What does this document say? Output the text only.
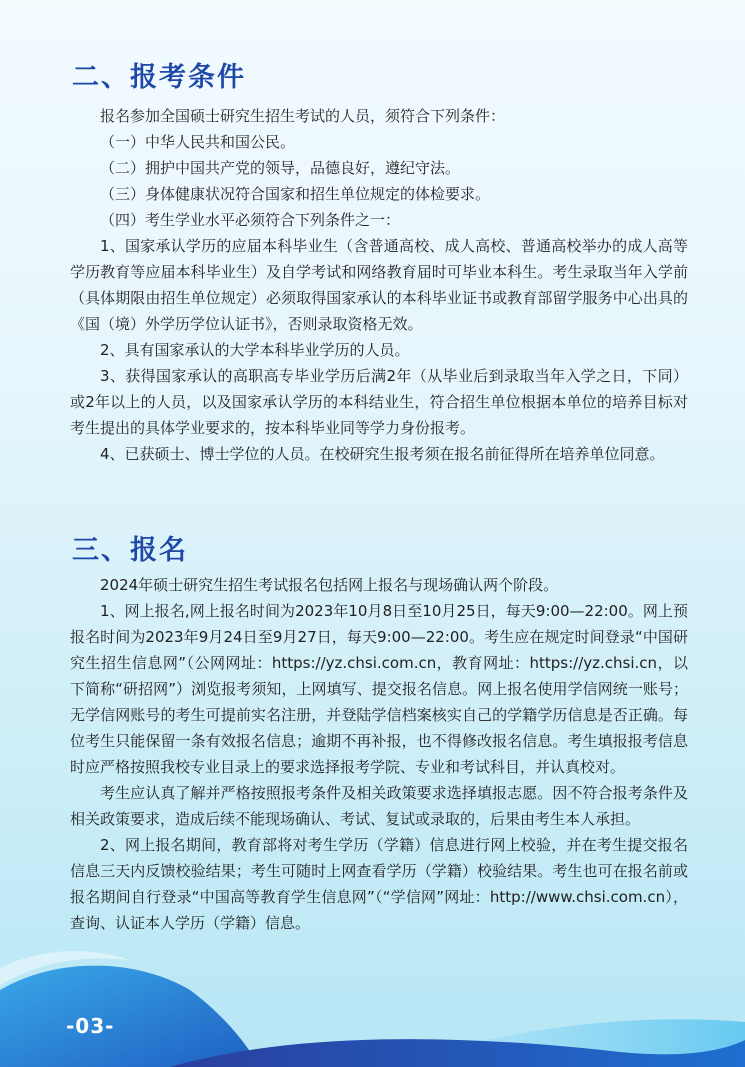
二、报考条件

报名参加全国硕士研究生招生考试的人员，须符合下列条件：

（一）中华人民共和国公民。

（二）拥护中国共产党的领导，品德良好，遵纪守法。

（三）身体健康状况符合国家和招生单位规定的体检要求。

（四）考生学业水平必须符合下列条件之一：

1、国家承认学历的应届本科毕业生（含普通高校、成人高校、普通高校举办的成人高等学历教育等应届本科毕业生）及自学考试和网络教育届时可毕业本科生。考生录取当年入学前（具体期限由招生单位规定）必须取得国家承认的本科毕业证书或教育部留学服务中心出具的《国（境）外学历学位认证书》，否则录取资格无效。

2、具有国家承认的大学本科毕业学历的人员。

3、获得国家承认的高职高专毕业学历后满2年（从毕业后到录取当年入学之日，下同）或2年以上的人员，以及国家承认学历的本科结业生，符合招生单位根据本单位的培养目标对考生提出的具体学业要求的，按本科毕业同等学力身份报考。

4、已获硕士、博士学位的人员。在校研究生报考须在报名前征得所在培养单位同意。

三、报名

2024年硕士研究生招生考试报名包括网上报名与现场确认两个阶段。

1、网上报名,网上报名时间为2023年10月8日至10月25日，每天9:00—22:00。网上预报名时间为2023年9月24日至9月27日，每天9:00—22:00。考生应在规定时间登录“中国研究生招生信息网”（公网网址：https://yz.chsi.com.cn，教育网址：https://yz.chsi.cn，以下简称“研招网”）浏览报考须知，上网填写、提交报名信息。网上报名使用学信网统一账号；无学信网账号的考生可提前实名注册，并登陆学信档案核实自己的学籍学历信息是否正确。每位考生只能保留一条有效报名信息；逾期不再补报，也不得修改报名信息。考生填报报考信息时应严格按照我校专业目录上的要求选择报考学院、专业和考试科目，并认真校对。

考生应认真了解并严格按照报考条件及相关政策要求选择填报志愿。因不符合报考条件及相关政策要求，造成后续不能现场确认、考试、复试或录取的，后果由考生本人承担。

2、网上报名期间，教育部将对考生学历（学籍）信息进行网上校验，并在考生提交报名信息三天内反馈校验结果；考生可随时上网查看学历（学籍）校验结果。考生也可在报名前或报名期间自行登录“中国高等教育学生信息网”（“学信网”网址：http://www.chsi.com.cn），查询、认证本人学历（学籍）信息。

-03-
